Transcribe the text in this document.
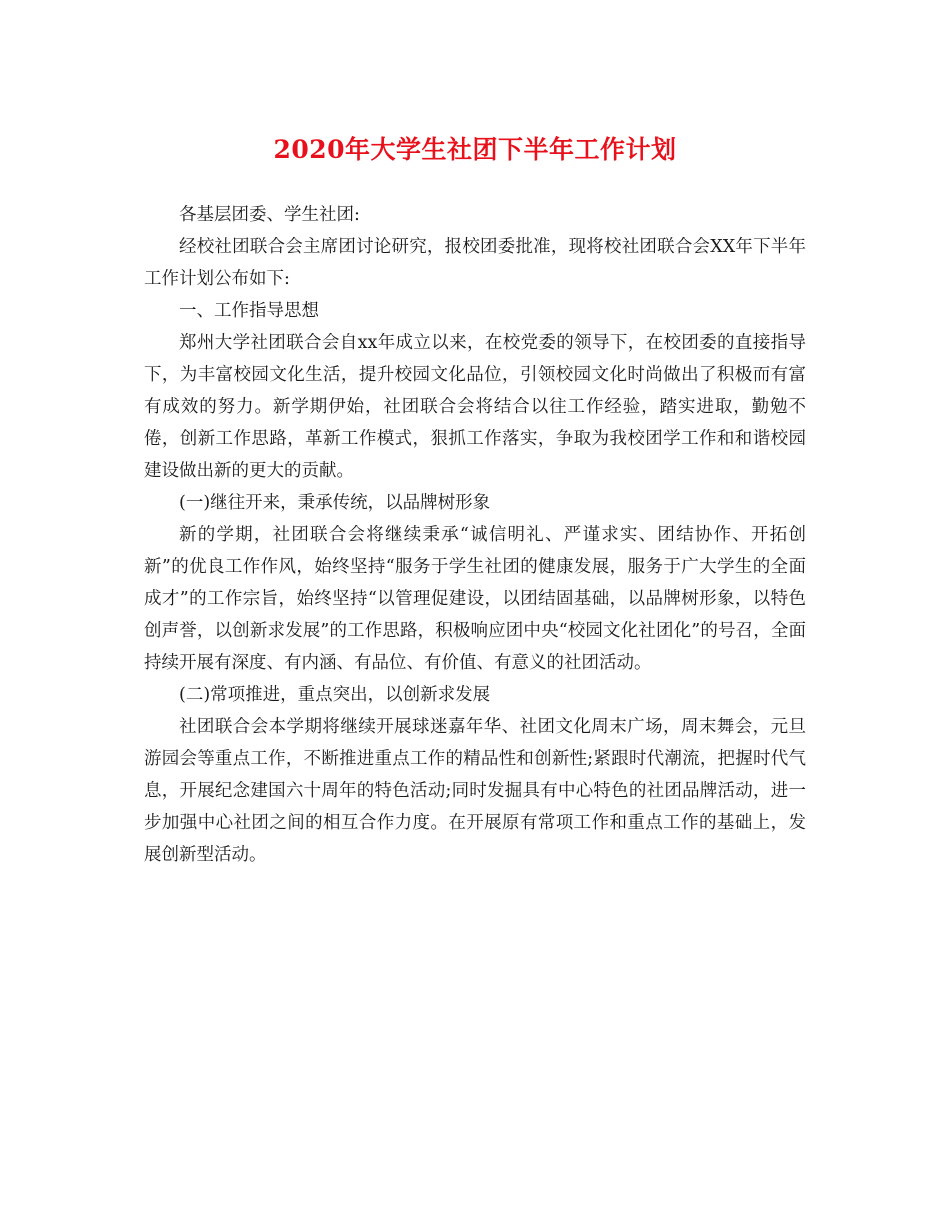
2020年大学生社团下半年工作计划

各基层团委、学生社团:

经校社团联合会主席团讨论研究，报校团委批准，现将校社团联合会XX年下半年工作计划公布如下:

一、工作指导思想

郑州大学社团联合会自xx年成立以来，在校党委的领导下，在校团委的直接指导下，为丰富校园文化生活，提升校园文化品位，引领校园文化时尚做出了积极而有富有成效的努力。新学期伊始，社团联合会将结合以往工作经验，踏实进取，勤勉不倦，创新工作思路，革新工作模式，狠抓工作落实，争取为我校团学工作和和谐校园建设做出新的更大的贡献。

(一)继往开来，秉承传统，以品牌树形象

新的学期，社团联合会将继续秉承“诚信明礼、严谨求实、团结协作、开拓创新”的优良工作作风，始终坚持“服务于学生社团的健康发展，服务于广大学生的全面成才”的工作宗旨，始终坚持“以管理促建设，以团结固基础，以品牌树形象，以特色创声誉，以创新求发展”的工作思路，积极响应团中央“校园文化社团化”的号召，全面持续开展有深度、有内涵、有品位、有价值、有意义的社团活动。

(二)常项推进，重点突出，以创新求发展

社团联合会本学期将继续开展球迷嘉年华、社团文化周末广场，周末舞会，元旦游园会等重点工作，不断推进重点工作的精品性和创新性;紧跟时代潮流，把握时代气息，开展纪念建国六十周年的特色活动;同时发掘具有中心特色的社团品牌活动，进一步加强中心社团之间的相互合作力度。在开展原有常项工作和重点工作的基础上，发展创新型活动。
